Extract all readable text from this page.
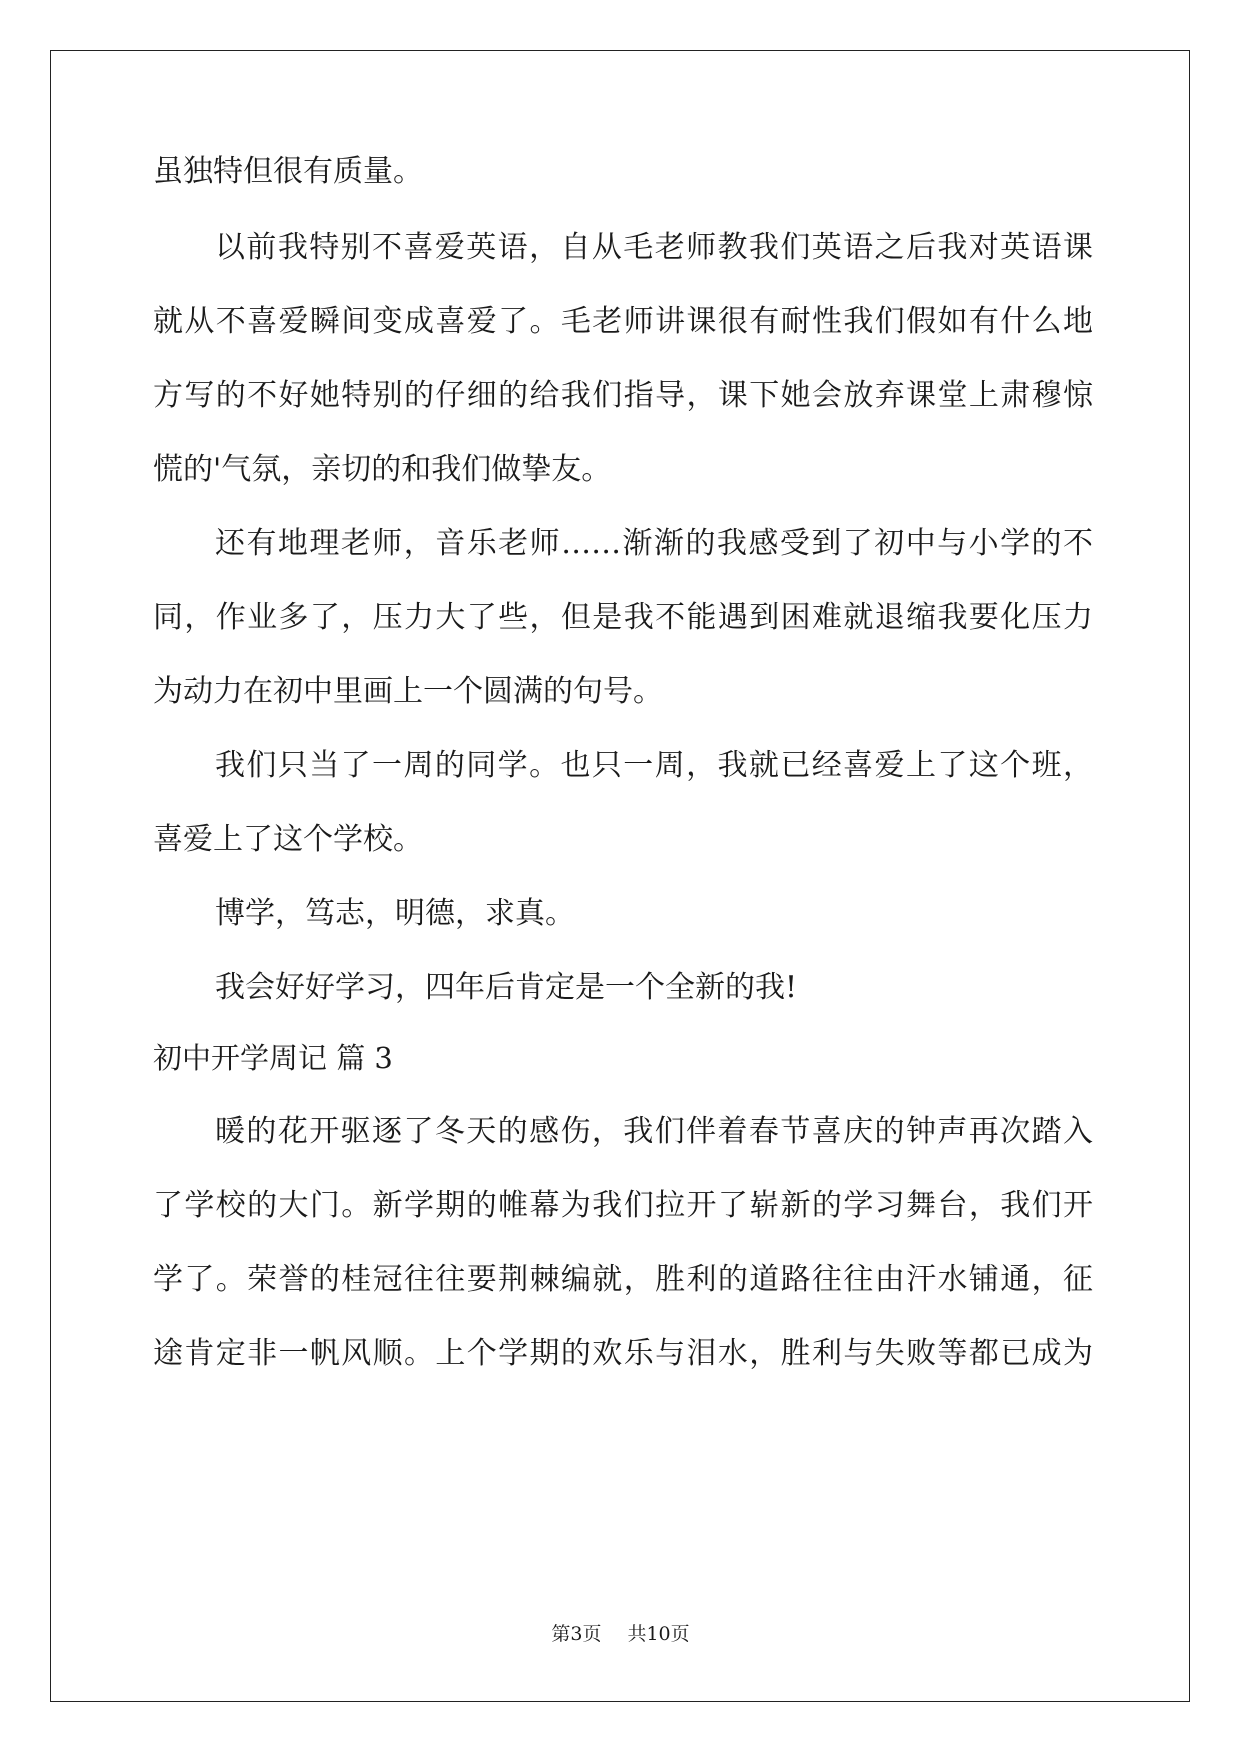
虽独特但很有质量。
以前我特别不喜爱英语，自从毛老师教我们英语之后我对英语课
就从不喜爱瞬间变成喜爱了。毛老师讲课很有耐性我们假如有什么地
方写的不好她特别的仔细的给我们指导，课下她会放弃课堂上肃穆惊
慌的'气氛，亲切的和我们做挚友。
还有地理老师，音乐老师……渐渐的我感受到了初中与小学的不
同，作业多了，压力大了些，但是我不能遇到困难就退缩我要化压力
为动力在初中里画上一个圆满的句号。
我们只当了一周的同学。也只一周，我就已经喜爱上了这个班，
喜爱上了这个学校。
博学，笃志，明德，求真。
我会好好学习，四年后肯定是一个全新的我!
初中开学周记 篇 3
暖的花开驱逐了冬天的感伤，我们伴着春节喜庆的钟声再次踏入
了学校的大门。新学期的帷幕为我们拉开了崭新的学习舞台，我们开
学了。荣誉的桂冠往往要荆棘编就，胜利的道路往往由汗水铺通，征
途肯定非一帆风顺。上个学期的欢乐与泪水，胜利与失败等都已成为
第3页 共10页
